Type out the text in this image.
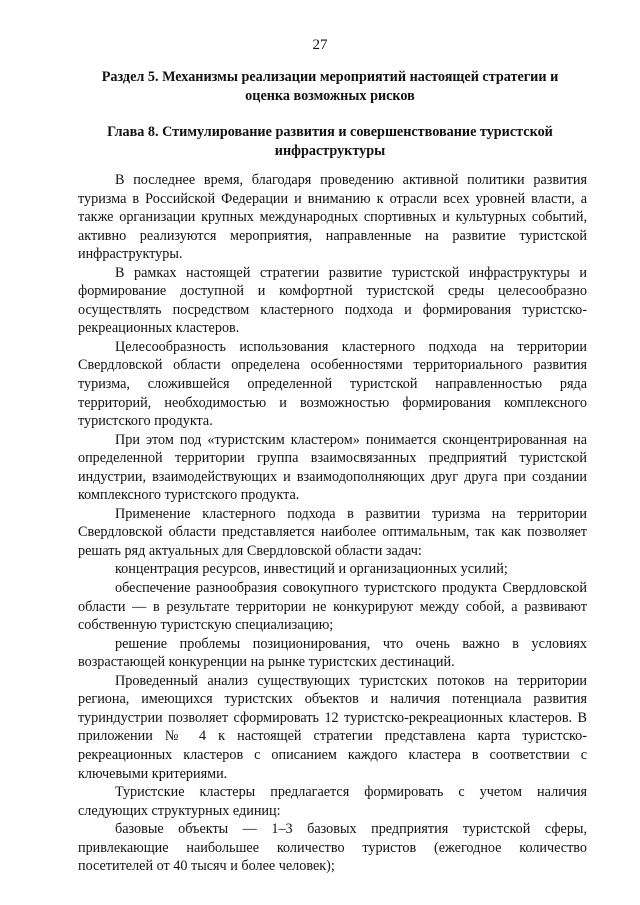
27
Раздел 5. Механизмы реализации мероприятий настоящей стратегии и оценка возможных рисков
Глава 8. Стимулирование развития и совершенствование туристской инфраструктуры

В последнее время, благодаря проведению активной политики развития туризма в Российской Федерации и вниманию к отрасли всех уровней власти, а также организации крупных международных спортивных и культурных событий, активно реализуются мероприятия, направленные на развитие туристской инфраструктуры.

В рамках настоящей стратегии развитие туристской инфраструктуры и формирование доступной и комфортной туристской среды целесообразно осуществлять посредством кластерного подхода и формирования туристско-рекреационных кластеров.

Целесообразность использования кластерного подхода на территории Свердловской области определена особенностями территориального развития туризма, сложившейся определенной туристской направленностью ряда территорий, необходимостью и возможностью формирования комплексного туристского продукта.

При этом под «туристским кластером» понимается сконцентрированная на определенной территории группа взаимосвязанных предприятий туристской индустрии, взаимодействующих и взаимодополняющих друг друга при создании комплексного туристского продукта.

Применение кластерного подхода в развитии туризма на территории Свердловской области представляется наиболее оптимальным, так как позволяет решать ряд актуальных для Свердловской области задач:

концентрация ресурсов, инвестиций и организационных усилий;

обеспечение разнообразия совокупного туристского продукта Свердловской области — в результате территории не конкурируют между собой, а развивают собственную туристскую специализацию;

решение проблемы позиционирования, что очень важно в условиях возрастающей конкуренции на рынке туристских дестинаций.

Проведенный анализ существующих туристских потоков на территории региона, имеющихся туристских объектов и наличия потенциала развития туриндустрии позволяет сформировать 12 туристско-рекреационных кластеров. В приложении № 4 к настоящей стратегии представлена карта туристско-рекреационных кластеров с описанием каждого кластера в соответствии с ключевыми критериями.

Туристские кластеры предлагается формировать с учетом наличия следующих структурных единиц:

базовые объекты — 1–3 базовых предприятия туристской сферы, привлекающие наибольшее количество туристов (ежегодное количество посетителей от 40 тысяч и более человек);
